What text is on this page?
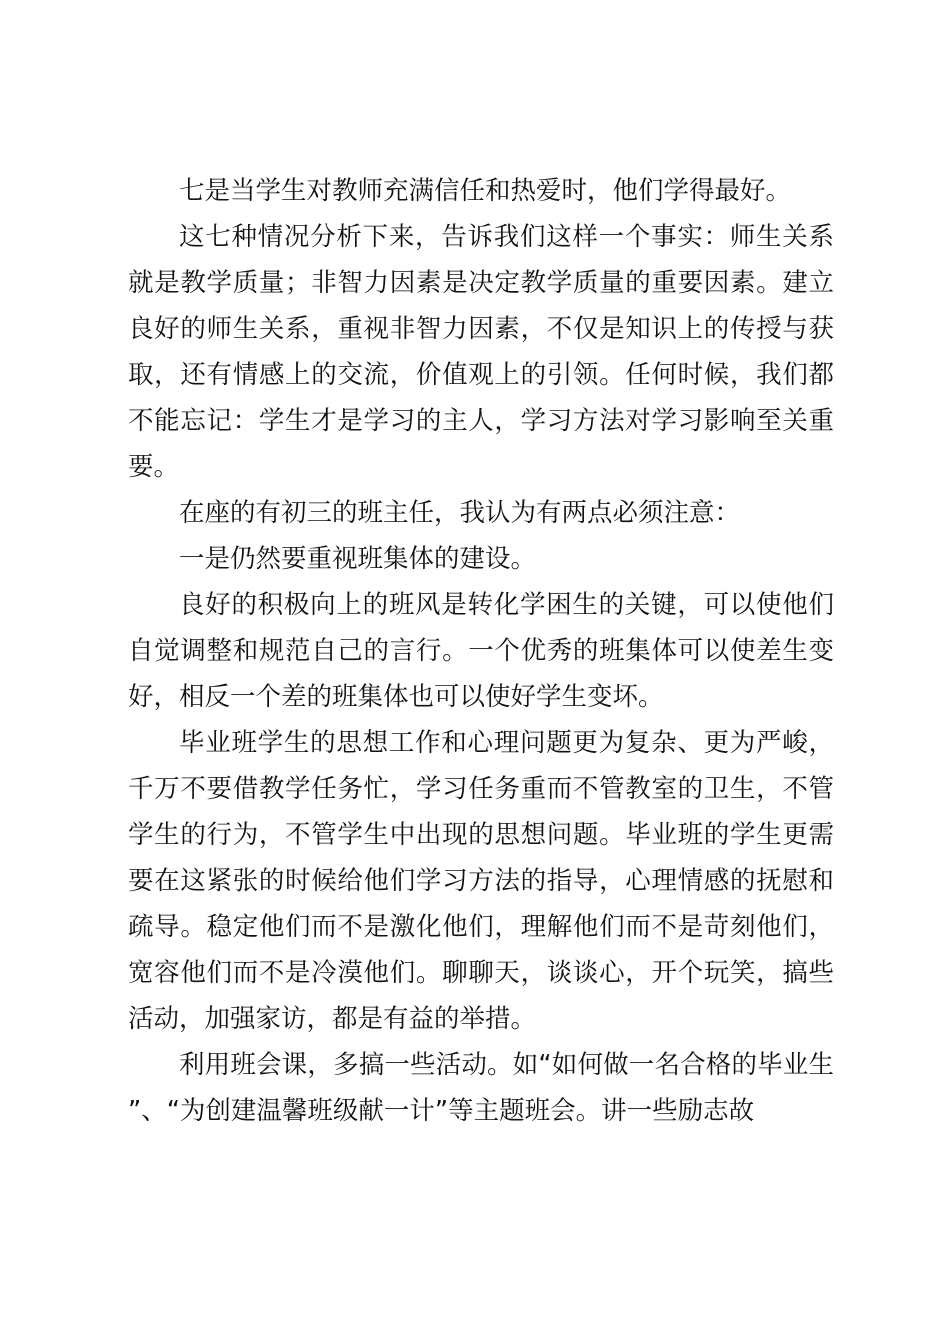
七是当学生对教师充满信任和热爱时，他们学得最好。

这七种情况分析下来，告诉我们这样一个事实：师生关系就是教学质量；非智力因素是决定教学质量的重要因素。建立良好的师生关系，重视非智力因素，不仅是知识上的传授与获取，还有情感上的交流，价值观上的引领。任何时候，我们都不能忘记：学生才是学习的主人，学习方法对学习影响至关重要。

在座的有初三的班主任，我认为有两点必须注意：

一是仍然要重视班集体的建设。

良好的积极向上的班风是转化学困生的关键，可以使他们自觉调整和规范自己的言行。一个优秀的班集体可以使差生变好，相反一个差的班集体也可以使好学生变坏。

毕业班学生的思想工作和心理问题更为复杂、更为严峻，千万不要借教学任务忙，学习任务重而不管教室的卫生，不管学生的行为，不管学生中出现的思想问题。毕业班的学生更需要在这紧张的时候给他们学习方法的指导，心理情感的抚慰和疏导。稳定他们而不是激化他们，理解他们而不是苛刻他们，宽容他们而不是冷漠他们。聊聊天，谈谈心，开个玩笑，搞些活动，加强家访，都是有益的举措。

利用班会课，多搞一些活动。如“如何做一名合格的毕业生”、“为创建温馨班级献一计”等主题班会。讲一些励志故
